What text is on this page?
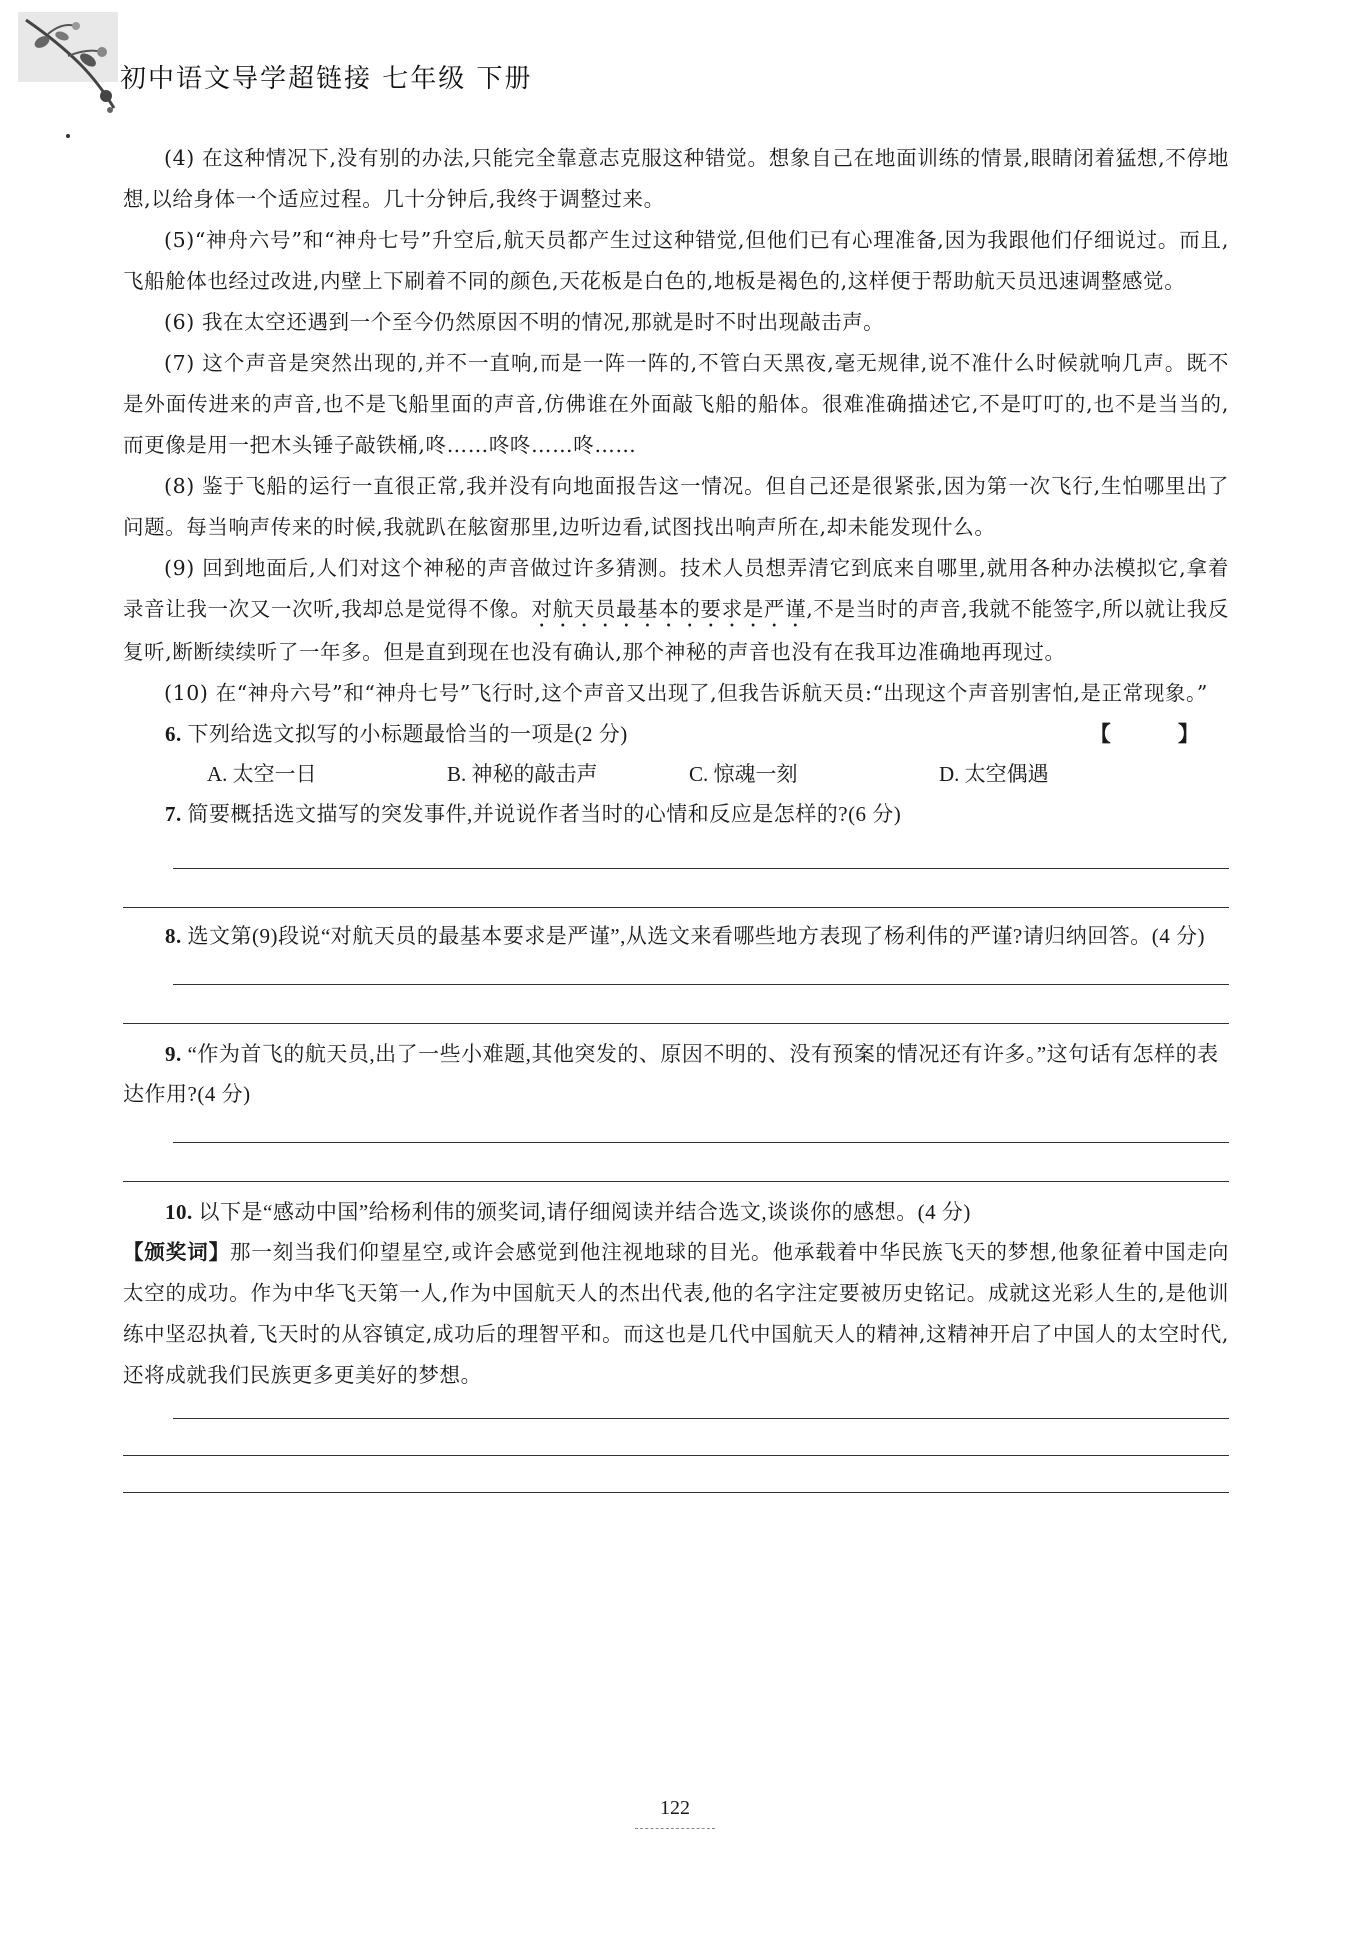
初中语文导学超链接 七年级 下册

(4) 在这种情况下,没有别的办法,只能完全靠意志克服这种错觉。想象自己在地面训练的情景,眼睛闭着猛想,不停地想,以给身体一个适应过程。几十分钟后,我终于调整过来。

(5)“神舟六号”和“神舟七号”升空后,航天员都产生过这种错觉,但他们已有心理准备,因为我跟他们仔细说过。而且,飞船舱体也经过改进,内壁上下刷着不同的颜色,天花板是白色的,地板是褐色的,这样便于帮助航天员迅速调整感觉。

(6) 我在太空还遇到一个至今仍然原因不明的情况,那就是时不时出现敲击声。

(7) 这个声音是突然出现的,并不一直响,而是一阵一阵的,不管白天黑夜,毫无规律,说不准什么时候就响几声。既不是外面传进来的声音,也不是飞船里面的声音,仿佛谁在外面敲飞船的船体。很难准确描述它,不是叮叮的,也不是当当的,而更像是用一把木头锤子敲铁桶,咚……咚咚……咚……

(8) 鉴于飞船的运行一直很正常,我并没有向地面报告这一情况。但自己还是很紧张,因为第一次飞行,生怕哪里出了问题。每当响声传来的时候,我就趴在舷窗那里,边听边看,试图找出响声所在,却未能发现什么。

(9) 回到地面后,人们对这个神秘的声音做过许多猜测。技术人员想弄清它到底来自哪里,就用各种办法模拟它,拿着录音让我一次又一次听,我却总是觉得不像。对航天员最基本的要求是严谨,不是当时的声音,我就不能签字,所以就让我反复听,断断续续听了一年多。但是直到现在也没有确认,那个神秘的声音也没有在我耳边准确地再现过。

(10) 在“神舟六号”和“神舟七号”飞行时,这个声音又出现了,但我告诉航天员:“出现这个声音别害怕,是正常现象。”

6. 下列给选文拟写的小标题最恰当的一项是(2 分)	【 】
A. 太空一日	B. 神秘的敲击声	C. 惊魂一刻	D. 太空偶遇

7. 简要概括选文描写的突发事件,并说说作者当时的心情和反应是怎样的?(6 分)

8. 选文第(9)段说“对航天员的最基本要求是严谨”,从选文来看哪些地方表现了杨利伟的严谨?请归纳回答。(4 分)

9. “作为首飞的航天员,出了一些小难题,其他突发的、原因不明的、没有预案的情况还有许多。”这句话有怎样的表达作用?(4 分)

10. 以下是“感动中国”给杨利伟的颁奖词,请仔细阅读并结合选文,谈谈你的感想。(4 分)

【颁奖词】那一刻当我们仰望星空,或许会感觉到他注视地球的目光。他承载着中华民族飞天的梦想,他象征着中国走向太空的成功。作为中华飞天第一人,作为中国航天人的杰出代表,他的名字注定要被历史铭记。成就这光彩人生的,是他训练中坚忍执着,飞天时的从容镇定,成功后的理智平和。而这也是几代中国航天人的精神,这精神开启了中国人的太空时代,还将成就我们民族更多更美好的梦想。

122
